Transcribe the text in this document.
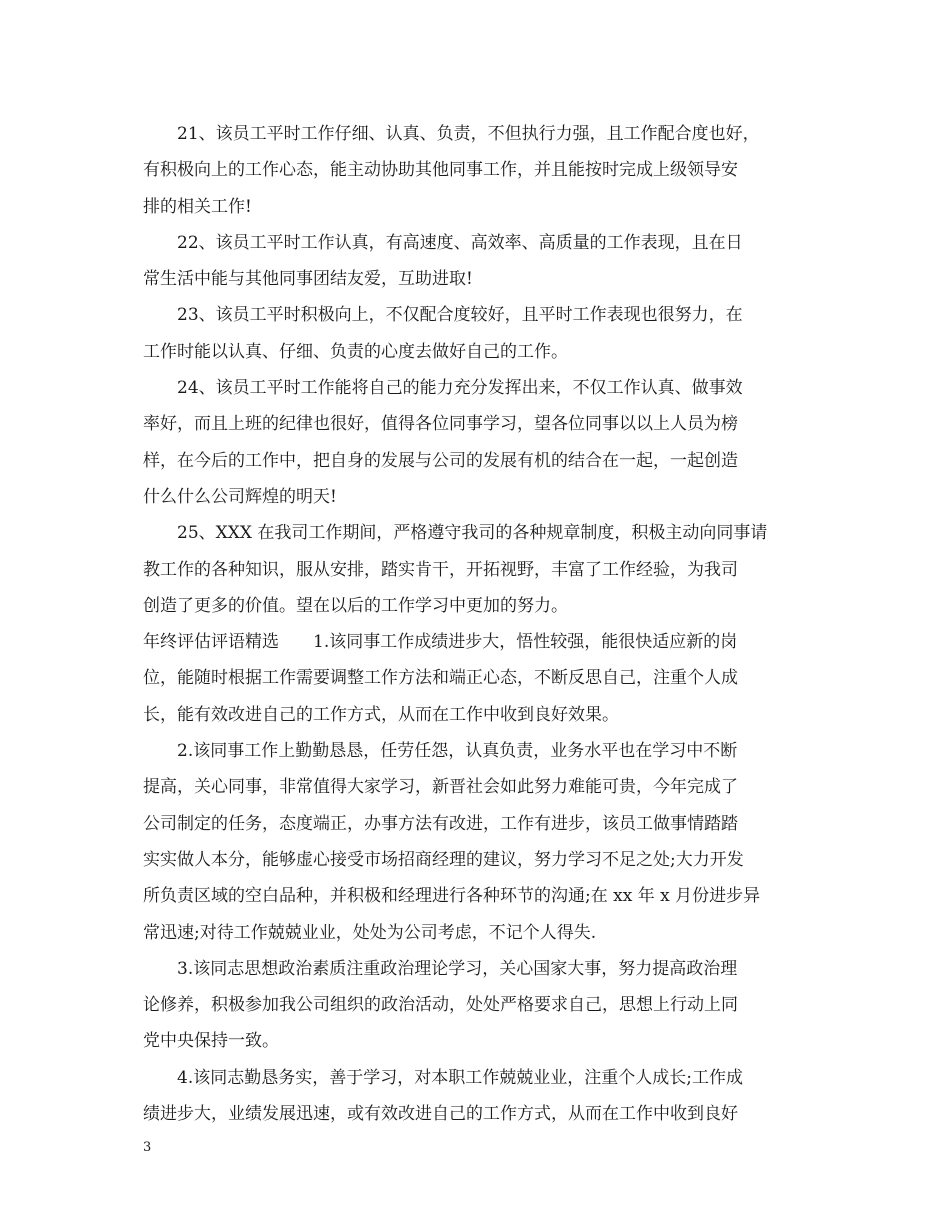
21、该员工平时工作仔细、认真、负责，不但执行力强，且工作配合度也好，
有积极向上的工作心态，能主动协助其他同事工作，并且能按时完成上级领导安
排的相关工作!
22、该员工平时工作认真，有高速度、高效率、高质量的工作表现，且在日
常生活中能与其他同事团结友爱，互助进取!
23、该员工平时积极向上，不仅配合度较好，且平时工作表现也很努力，在
工作时能以认真、仔细、负责的心度去做好自己的工作。
24、该员工平时工作能将自己的能力充分发挥出来，不仅工作认真、做事效
率好，而且上班的纪律也很好，值得各位同事学习，望各位同事以以上人员为榜
样，在今后的工作中，把自身的发展与公司的发展有机的结合在一起，一起创造
什么什么公司辉煌的明天!
25、XXX 在我司工作期间，严格遵守我司的各种规章制度，积极主动向同事请
教工作的各种知识，服从安排，踏实肯干，开拓视野，丰富了工作经验，为我司
创造了更多的价值。望在以后的工作学习中更加的努力。
年终评估评语精选 1.该同事工作成绩进步大，悟性较强，能很快适应新的岗
位，能随时根据工作需要调整工作方法和端正心态，不断反思自己，注重个人成
长，能有效改进自己的工作方式，从而在工作中收到良好效果。
2.该同事工作上勤勤恳恳，任劳任怨，认真负责，业务水平也在学习中不断
提高，关心同事，非常值得大家学习，新晋社会如此努力难能可贵，今年完成了
公司制定的任务，态度端正，办事方法有改进，工作有进步，该员工做事情踏踏
实实做人本分，能够虚心接受市场招商经理的建议，努力学习不足之处;大力开发
所负责区域的空白品种，并积极和经理进行各种环节的沟通;在 xx 年 x 月份进步异
常迅速;对待工作兢兢业业，处处为公司考虑，不记个人得失.
3.该同志思想政治素质注重政治理论学习，关心国家大事，努力提高政治理
论修养，积极参加我公司组织的政治活动，处处严格要求自己，思想上行动上同
党中央保持一致。
4.该同志勤恳务实，善于学习，对本职工作兢兢业业，注重个人成长;工作成
绩进步大，业绩发展迅速，或有效改进自己的工作方式，从而在工作中收到良好
3
